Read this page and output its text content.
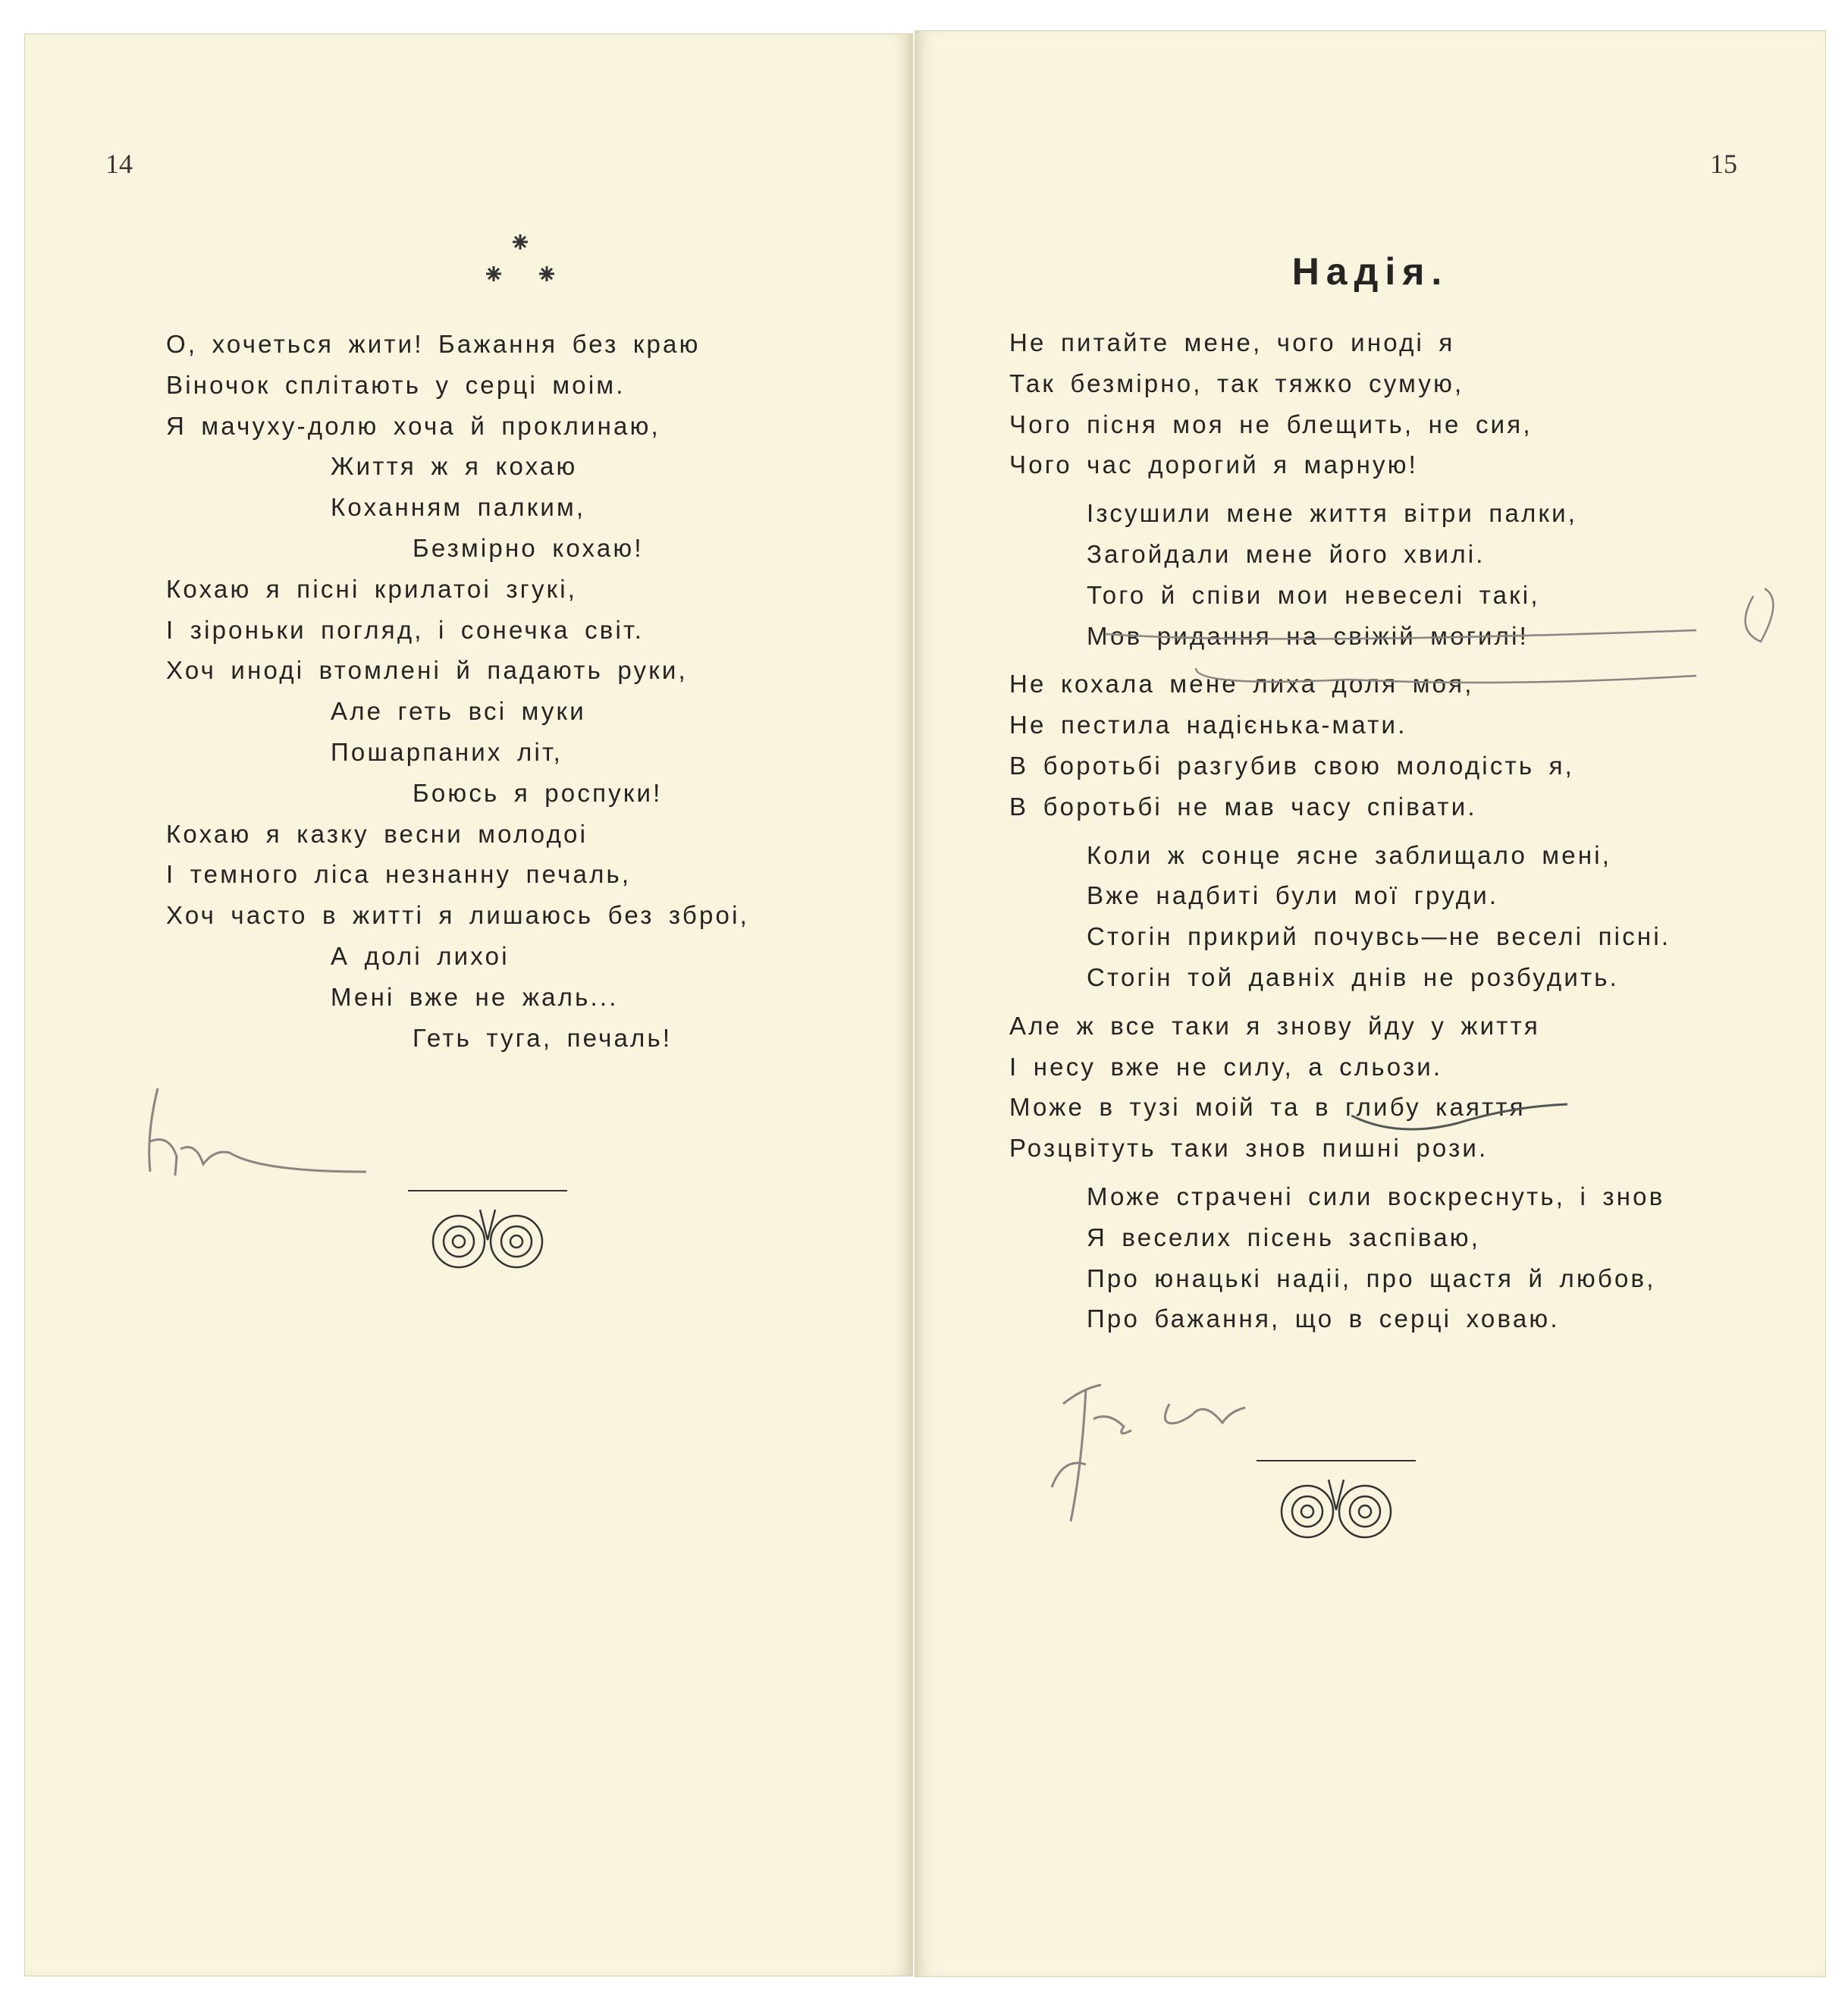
14
О, хочеться жити! Бажання без краю
Віночок сплітають у серці моім.
Я мачуху-долю хоча й проклинаю,
Життя ж я кохаю
Коханням палким,
Безмірно кохаю!
Кохаю я пісні крилатоі згукі,
І зіроньки погляд, і сонечка світ.
Хоч иноді втомлені й падають руки,
Але геть всі муки
Пошарпаних літ,
Боюсь я роспуки!
Кохаю я казку весни молодоі
І темного ліса незнанну печаль,
Хоч часто в житті я лишаюсь без зброі,
А долі лихоі
Мені вже не жаль...
Геть туга, печаль!
15
Надія.
Не питайте мене, чого иноді я
Так безмірно, так тяжко сумую,
Чого пісня моя не блещить, не сия,
Чого час дорогий я марную!
Ізсушили мене життя вітри палки,
Загойдали мене його хвилі.
Того й співи мои невеселі такі,
Мов ридання на свіжій могилі!
Не кохала мене лиха доля моя,
Не пестила надієнька-мати.
В боротьбі разгубив свою молодість я,
В боротьбі не мав часу співати.
Коли ж сонце ясне заблищало мені,
Вже надбиті були мої груди.
Стогін прикрий почувсь—не веселі пісні.
Стогін той давніх днів не розбудить.
Але ж все таки я знову йду у життя
І несу вже не силу, а сльози.
Може в тузі моій та в глибу каяття
Розцвітуть таки знов пишні рози.
Може страчені сили воскреснуть, і знов
Я веселих пісень заспіваю,
Про юнацькі надіі, про щастя й любов,
Про бажання, що в серці ховаю.
